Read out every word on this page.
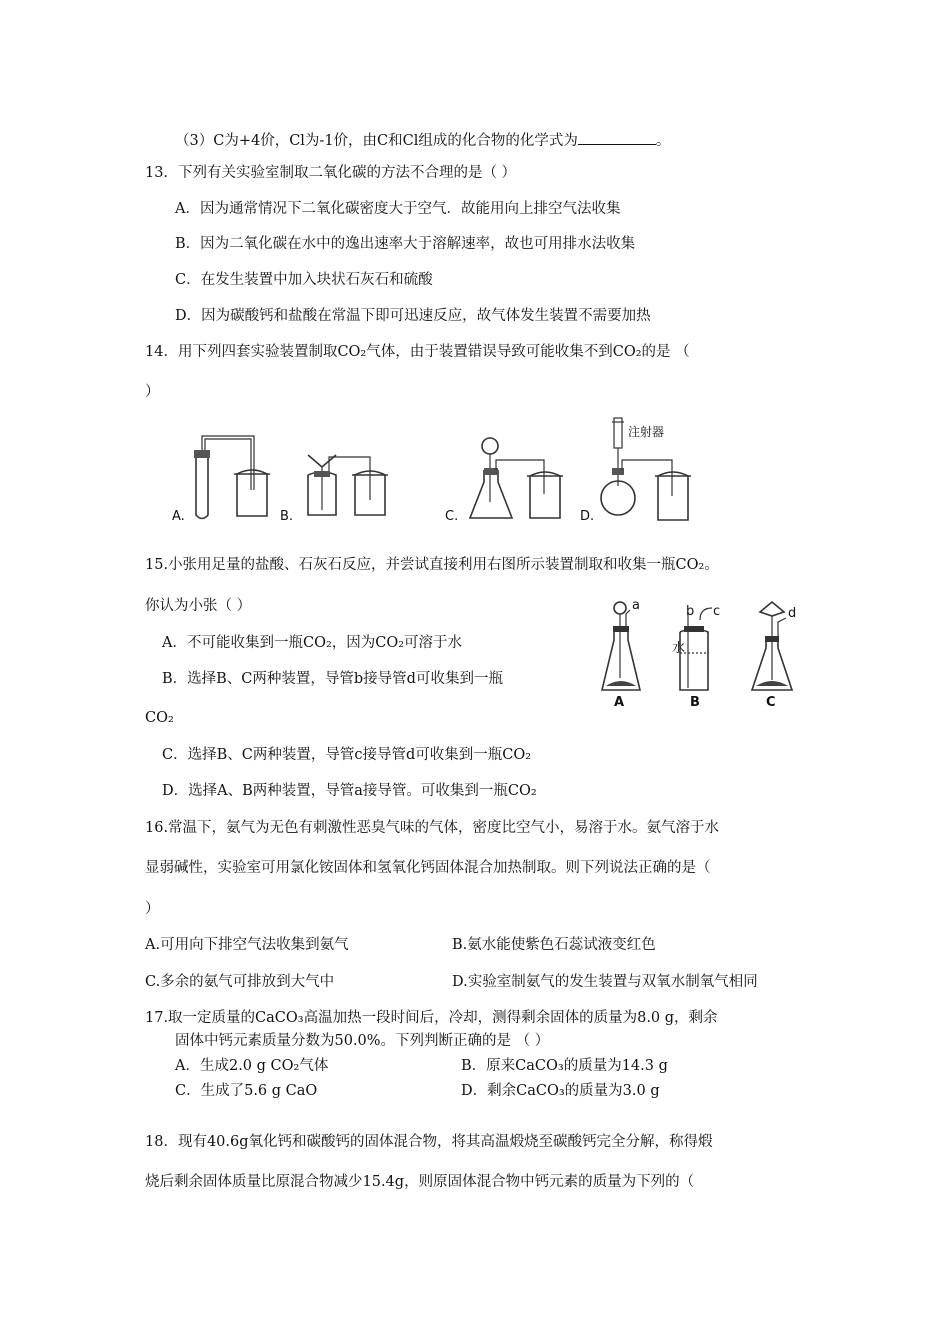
（3）C为+4价，Cl为-1价，由C和Cl组成的化合物的化学式为	。
13．下列有关实验室制取二氧化碳的方法不合理的是（ ）
A．因为通常情况下二氧化碳密度大于空气．故能用向上排空气法收集
B．因为二氧化碳在水中的逸出速率大于溶解速率，故也可用排水法收集
C．在发生装置中加入块状石灰石和硫酸
D．因为碳酸钙和盐酸在常温下即可迅速反应，故气体发生装置不需要加热
14．用下列四套实验装置制取CO₂气体，由于装置错误导致可能收集不到CO₂的是 （
）
A.	B.	C.
注射器
D.
15.小张用足量的盐酸、石灰石反应，并尝试直接利用右图所示装置制取和收集一瓶CO₂。
你认为小张（ ）
A．不可能收集到一瓶CO₂，因为CO₂可溶于水
B．选择B、C两种装置，导管b接导管d可收集到一瓶
CO₂
C．选择B、C两种装置，导管c接导管d可收集到一瓶CO₂
D．选择A、B两种装置，导管a接导管。可收集到一瓶CO₂
a	b c	d
水
A	B	C
16.常温下，氨气为无色有刺激性恶臭气味的气体，密度比空气小，易溶于水。氨气溶于水
显弱碱性，实验室可用氯化铵固体和氢氧化钙固体混合加热制取。则下列说法正确的是（
）
A.可用向下排空气法收集到氨气	B.氨水能使紫色石蕊试液变红色
C.多余的氨气可排放到大气中	D.实验室制氨气的发生装置与双氧水制氧气相同
17.取一定质量的CaCO₃高温加热一段时间后，冷却，测得剩余固体的质量为8.0 g，剩余
固体中钙元素质量分数为50.0%。下列判断正确的是 （ ）
A．生成2.0 g CO₂气体	B．原来CaCO₃的质量为14.3 g
C．生成了5.6 g CaO	D．剩余CaCO₃的质量为3.0 g
18．现有40.6g氧化钙和碳酸钙的固体混合物，将其高温煅烧至碳酸钙完全分解，称得煅
烧后剩余固体质量比原混合物减少15.4g，则原固体混合物中钙元素的质量为下列的（
